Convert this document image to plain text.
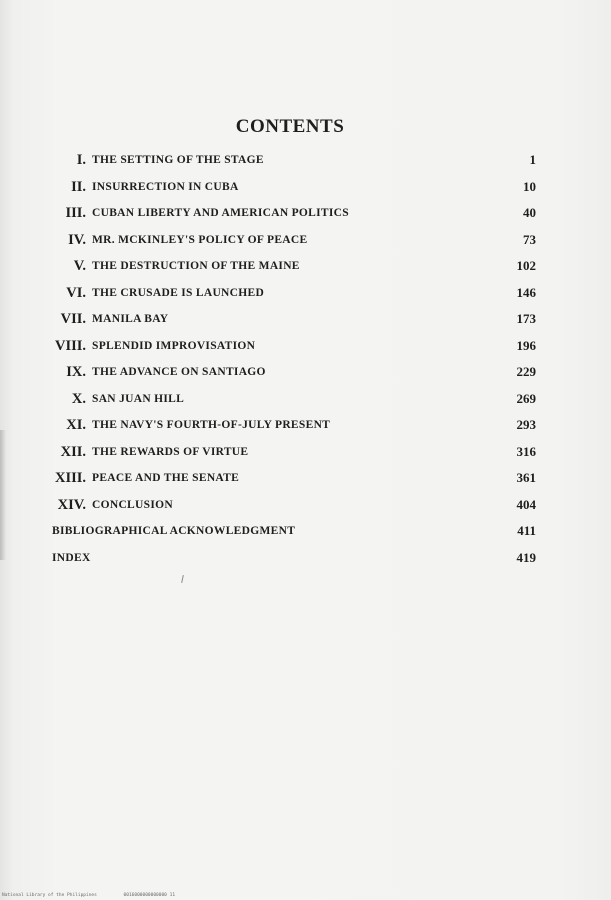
CONTENTS
I. THE SETTING OF THE STAGE	1
II. INSURRECTION IN CUBA	10
III. CUBAN LIBERTY AND AMERICAN POLITICS	40
IV. MR. MCKINLEY'S POLICY OF PEACE	73
V. THE DESTRUCTION OF THE MAINE	102
VI. THE CRUSADE IS LAUNCHED	146
VII. MANILA BAY	173
VIII. SPLENDID IMPROVISATION	196
IX. THE ADVANCE ON SANTIAGO	229
X. SAN JUAN HILL	269
XI. THE NAVY'S FOURTH-OF-JULY PRESENT	293
XII. THE REWARDS OF VIRTUE	316
XIII. PEACE AND THE SENATE	361
XIV. CONCLUSION	404
BIBLIOGRAPHICAL ACKNOWLEDGMENT	411
INDEX	419
National Library of the Philippines	0016000000000000 11
